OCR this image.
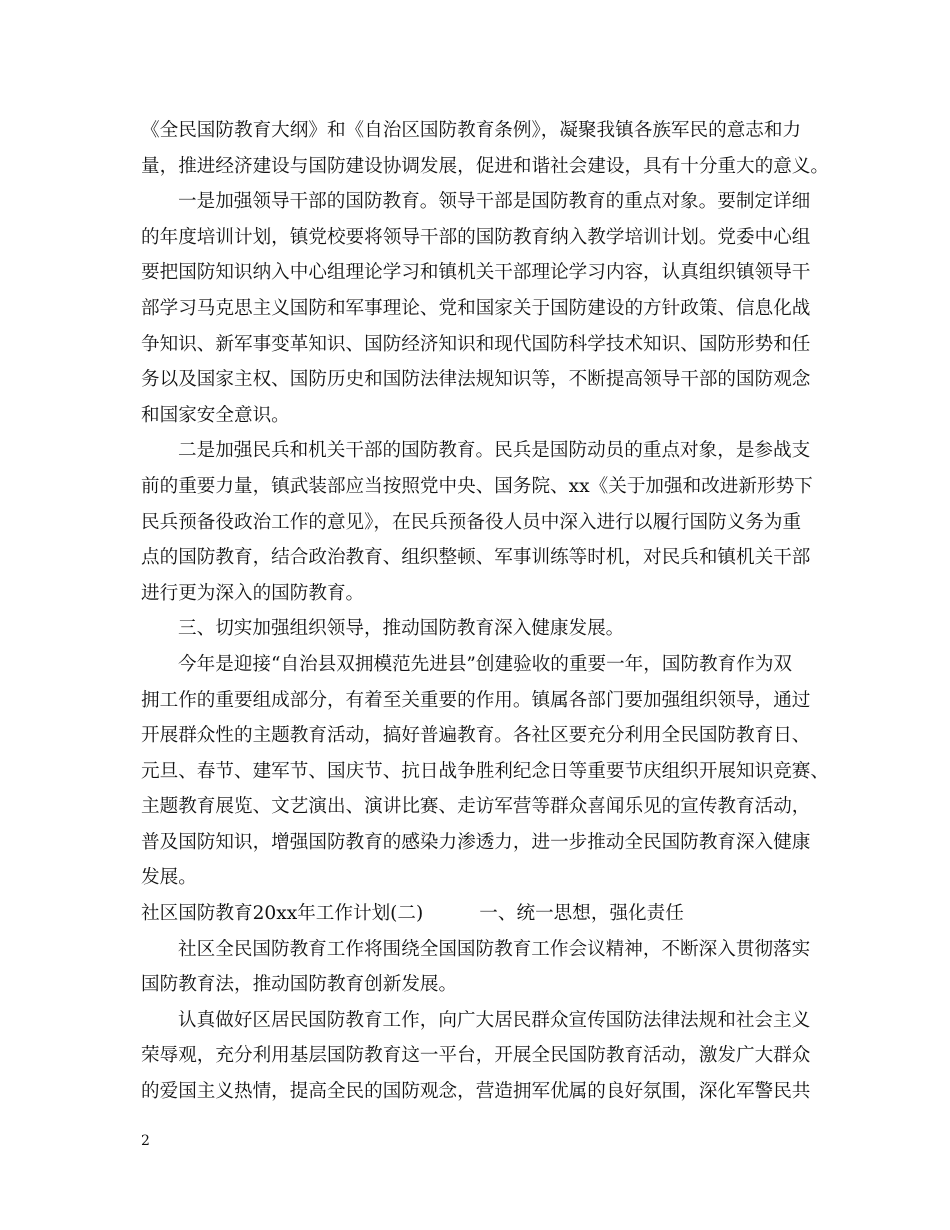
《全民国防教育大纲》和《自治区国防教育条例》，凝聚我镇各族军民的意志和力
量，推进经济建设与国防建设协调发展，促进和谐社会建设，具有十分重大的意义。
一是加强领导干部的国防教育。领导干部是国防教育的重点对象。要制定详细
的年度培训计划，镇党校要将领导干部的国防教育纳入教学培训计划。党委中心组
要把国防知识纳入中心组理论学习和镇机关干部理论学习内容，认真组织镇领导干
部学习马克思主义国防和军事理论、党和国家关于国防建设的方针政策、信息化战
争知识、新军事变革知识、国防经济知识和现代国防科学技术知识、国防形势和任
务以及国家主权、国防历史和国防法律法规知识等，不断提高领导干部的国防观念
和国家安全意识。
二是加强民兵和机关干部的国防教育。民兵是国防动员的重点对象，是参战支
前的重要力量，镇武装部应当按照党中央、国务院、xx《关于加强和改进新形势下
民兵预备役政治工作的意见》，在民兵预备役人员中深入进行以履行国防义务为重
点的国防教育，结合政治教育、组织整顿、军事训练等时机，对民兵和镇机关干部
进行更为深入的国防教育。
三、切实加强组织领导，推动国防教育深入健康发展。
今年是迎接“自治县双拥模范先进县”创建验收的重要一年，国防教育作为双
拥工作的重要组成部分，有着至关重要的作用。镇属各部门要加强组织领导，通过
开展群众性的主题教育活动，搞好普遍教育。各社区要充分利用全民国防教育日、
元旦、春节、建军节、国庆节、抗日战争胜利纪念日等重要节庆组织开展知识竞赛、
主题教育展览、文艺演出、演讲比赛、走访军营等群众喜闻乐见的宣传教育活动，
普及国防知识，增强国防教育的感染力渗透力，进一步推动全民国防教育深入健康
发展。
社区国防教育20xx年工作计划(二)	一、统一思想，强化责任
社区全民国防教育工作将围绕全国国防教育工作会议精神，不断深入贯彻落实
国防教育法，推动国防教育创新发展。
认真做好区居民国防教育工作，向广大居民群众宣传国防法律法规和社会主义
荣辱观，充分利用基层国防教育这一平台，开展全民国防教育活动，激发广大群众
的爱国主义热情，提高全民的国防观念，营造拥军优属的良好氛围，深化军警民共
2
